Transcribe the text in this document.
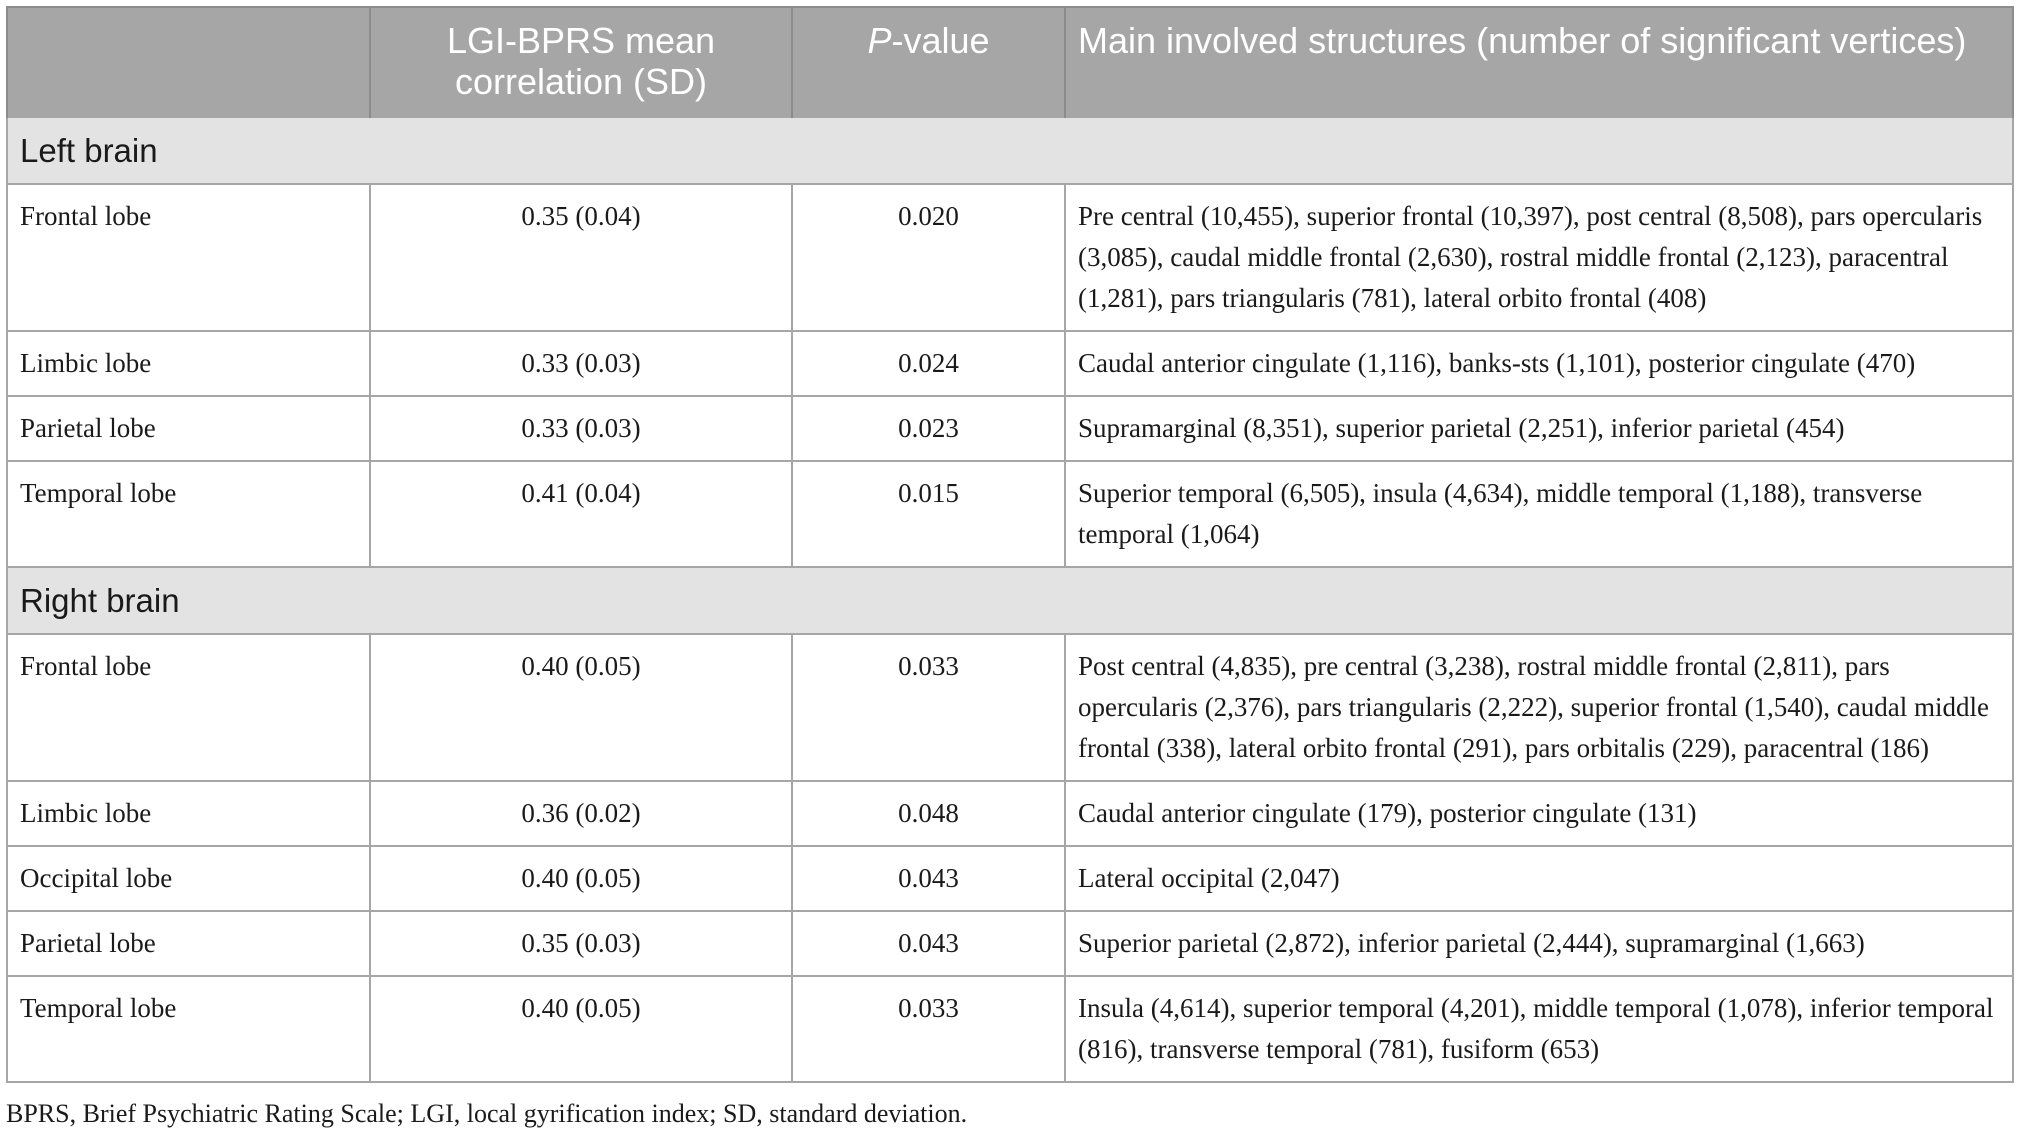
	LGI-BPRS mean correlation (SD)	P-value	Main involved structures (number of significant vertices)
Left brain			
Frontal lobe	0.35 (0.04)	0.020	Pre central (10,455), superior frontal (10,397), post central (8,508), pars opercularis (3,085), caudal middle frontal (2,630), rostral middle frontal (2,123), paracentral (1,281), pars triangularis (781), lateral orbito frontal (408)
Limbic lobe	0.33 (0.03)	0.024	Caudal anterior cingulate (1,116), banks-sts (1,101), posterior cingulate (470)
Parietal lobe	0.33 (0.03)	0.023	Supramarginal (8,351), superior parietal (2,251), inferior parietal (454)
Temporal lobe	0.41 (0.04)	0.015	Superior temporal (6,505), insula (4,634), middle temporal (1,188), transverse temporal (1,064)
Right brain			
Frontal lobe	0.40 (0.05)	0.033	Post central (4,835), pre central (3,238), rostral middle frontal (2,811), pars opercularis (2,376), pars triangularis (2,222), superior frontal (1,540), caudal middle frontal (338), lateral orbito frontal (291), pars orbitalis (229), paracentral (186)
Limbic lobe	0.36 (0.02)	0.048	Caudal anterior cingulate (179), posterior cingulate (131)
Occipital lobe	0.40 (0.05)	0.043	Lateral occipital (2,047)
Parietal lobe	0.35 (0.03)	0.043	Superior parietal (2,872), inferior parietal (2,444), supramarginal (1,663)
Temporal lobe	0.40 (0.05)	0.033	Insula (4,614), superior temporal (4,201), middle temporal (1,078), inferior temporal (816), transverse temporal (781), fusiform (653)
BPRS, Brief Psychiatric Rating Scale; LGI, local gyrification index; SD, standard deviation.
